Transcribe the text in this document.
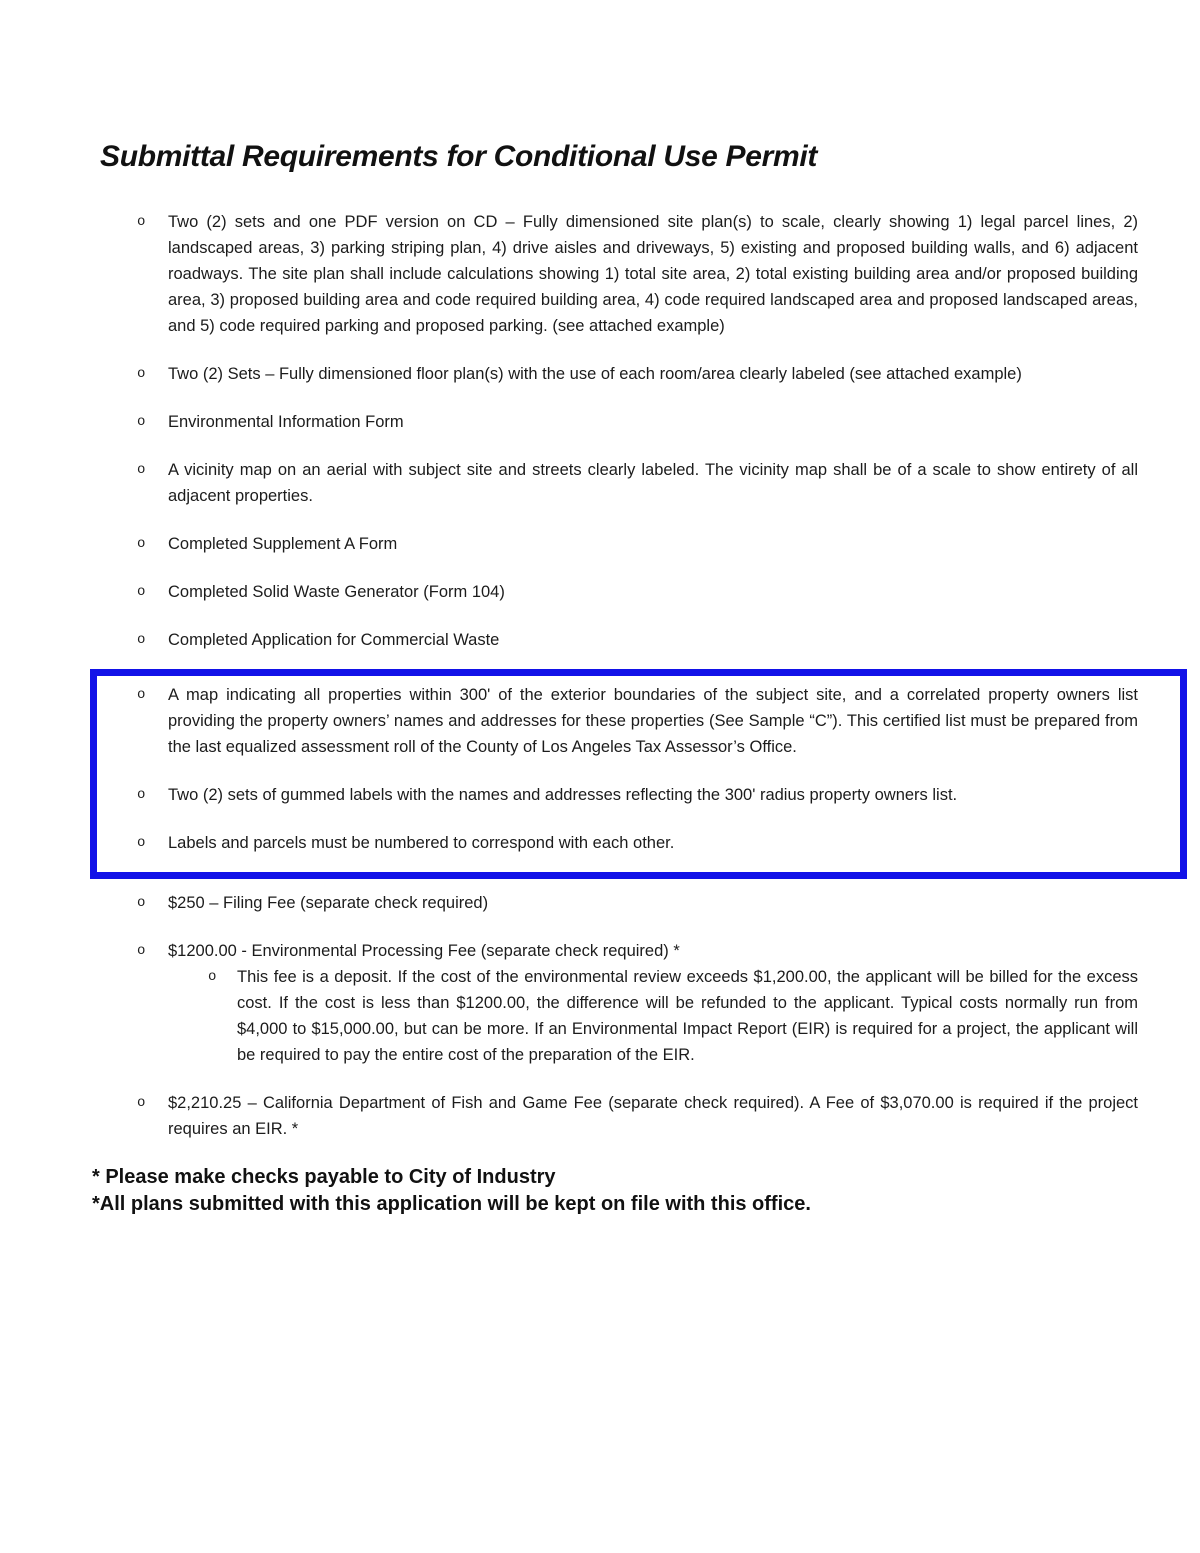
Submittal Requirements for Conditional Use Permit
o Two (2) sets and one PDF version on CD – Fully dimensioned site plan(s) to scale, clearly showing 1) legal parcel lines, 2) landscaped areas, 3) parking striping plan, 4) drive aisles and driveways, 5) existing and proposed building walls, and 6) adjacent roadways. The site plan shall include calculations showing 1) total site area, 2) total existing building area and/or proposed building area, 3) proposed building area and code required building area, 4) code required landscaped area and proposed landscaped areas, and 5) code required parking and proposed parking. (see attached example)
o Two (2) Sets – Fully dimensioned floor plan(s) with the use of each room/area clearly labeled (see attached example)
o Environmental Information Form
o A vicinity map on an aerial with subject site and streets clearly labeled. The vicinity map shall be of a scale to show entirety of all adjacent properties.
o Completed Supplement A Form
o Completed Solid Waste Generator (Form 104)
o Completed Application for Commercial Waste
o A map indicating all properties within 300' of the exterior boundaries of the subject site, and a correlated property owners list providing the property owners’ names and addresses for these properties (See Sample “C”). This certified list must be prepared from the last equalized assessment roll of the County of Los Angeles Tax Assessor’s Office.
o Two (2) sets of gummed labels with the names and addresses reflecting the 300' radius property owners list.
o Labels and parcels must be numbered to correspond with each other.
o $250 – Filing Fee (separate check required)
o $1200.00 - Environmental Processing Fee (separate check required) *
o This fee is a deposit. If the cost of the environmental review exceeds $1,200.00, the applicant will be billed for the excess cost. If the cost is less than $1200.00, the difference will be refunded to the applicant. Typical costs normally run from $4,000 to $15,000.00, but can be more. If an Environmental Impact Report (EIR) is required for a project, the applicant will be required to pay the entire cost of the preparation of the EIR.
o $2,210.25 – California Department of Fish and Game Fee (separate check required). A Fee of $3,070.00 is required if the project requires an EIR. *
* Please make checks payable to City of Industry
*All plans submitted with this application will be kept on file with this office.
